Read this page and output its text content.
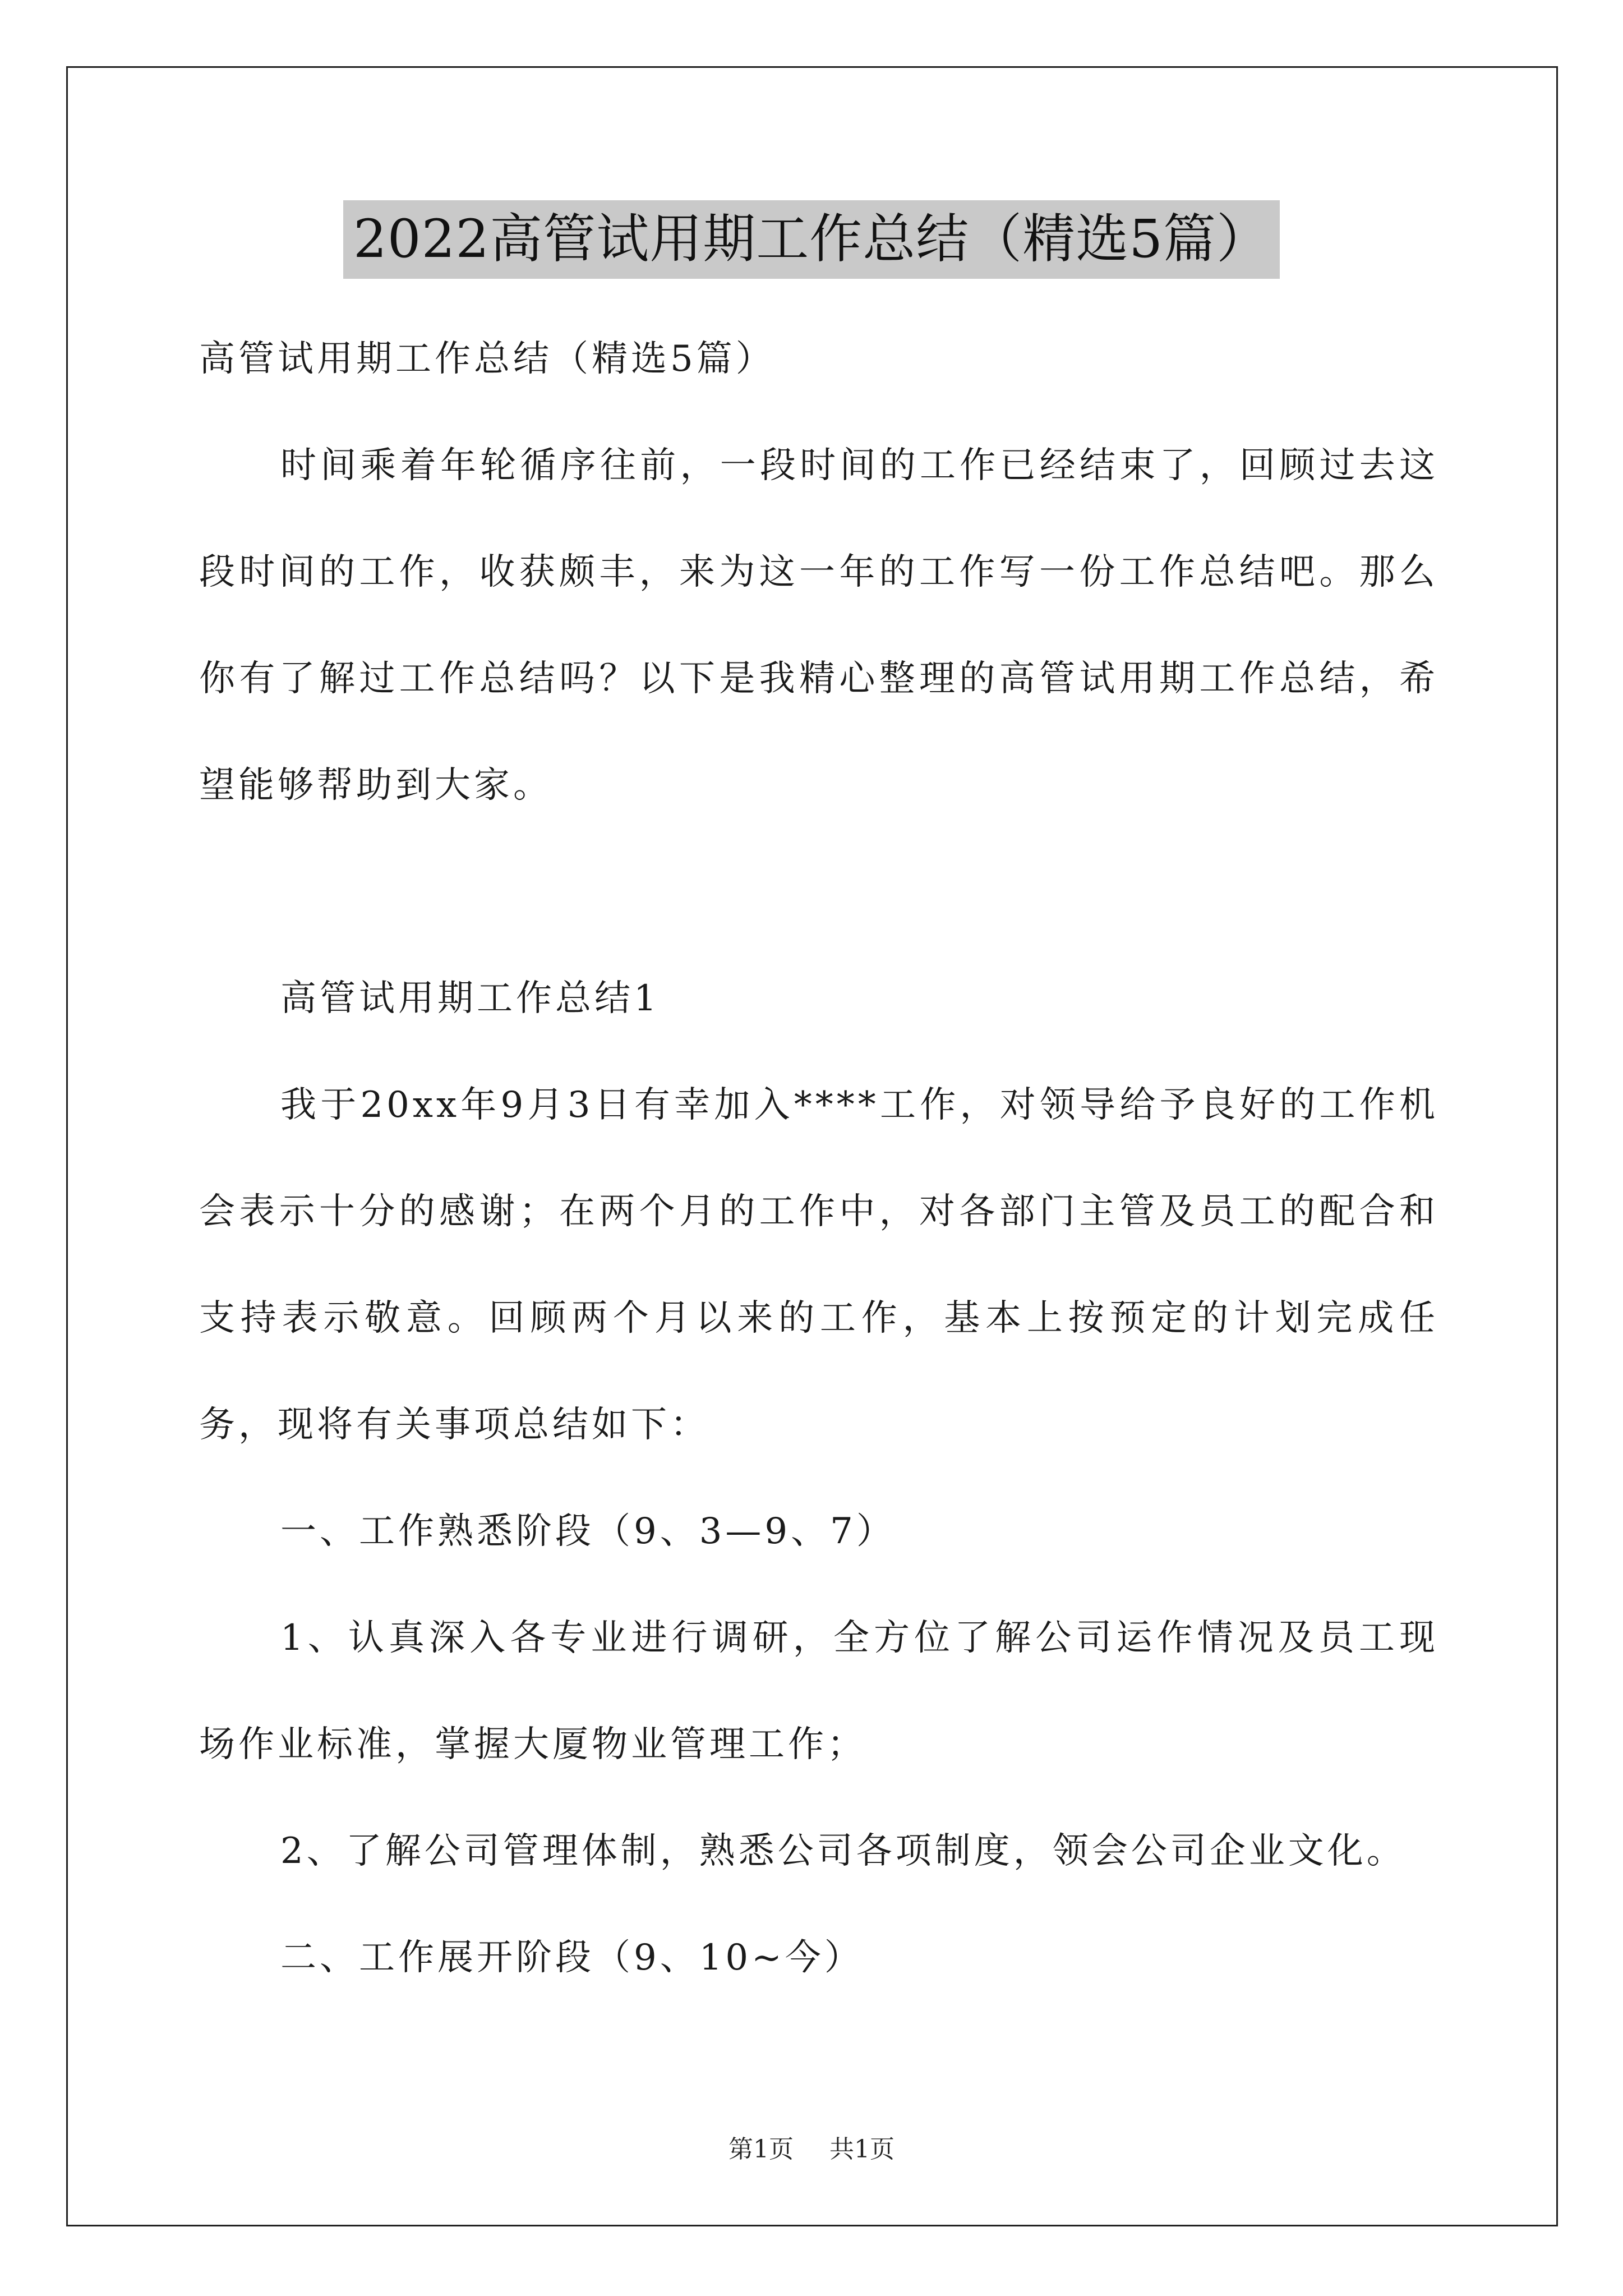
2022高管试用期工作总结（精选5篇）

高管试用期工作总结（精选5篇）

时间乘着年轮循序往前，一段时间的工作已经结束了，回顾过去这段时间的工作，收获颇丰，来为这一年的工作写一份工作总结吧。那么你有了解过工作总结吗？以下是我精心整理的高管试用期工作总结，希望能够帮助到大家。

高管试用期工作总结1

我于20xx年9月3日有幸加入****工作，对领导给予良好的工作机会表示十分的感谢；在两个月的工作中，对各部门主管及员工的配合和支持表示敬意。回顾两个月以来的工作，基本上按预定的计划完成任务，现将有关事项总结如下：

一、工作熟悉阶段（9、3—9、7）

1、认真深入各专业进行调研，全方位了解公司运作情况及员工现场作业标准，掌握大厦物业管理工作；

2、了解公司管理体制，熟悉公司各项制度，领会公司企业文化。

二、工作展开阶段（9、10~今）

第1页 共1页
